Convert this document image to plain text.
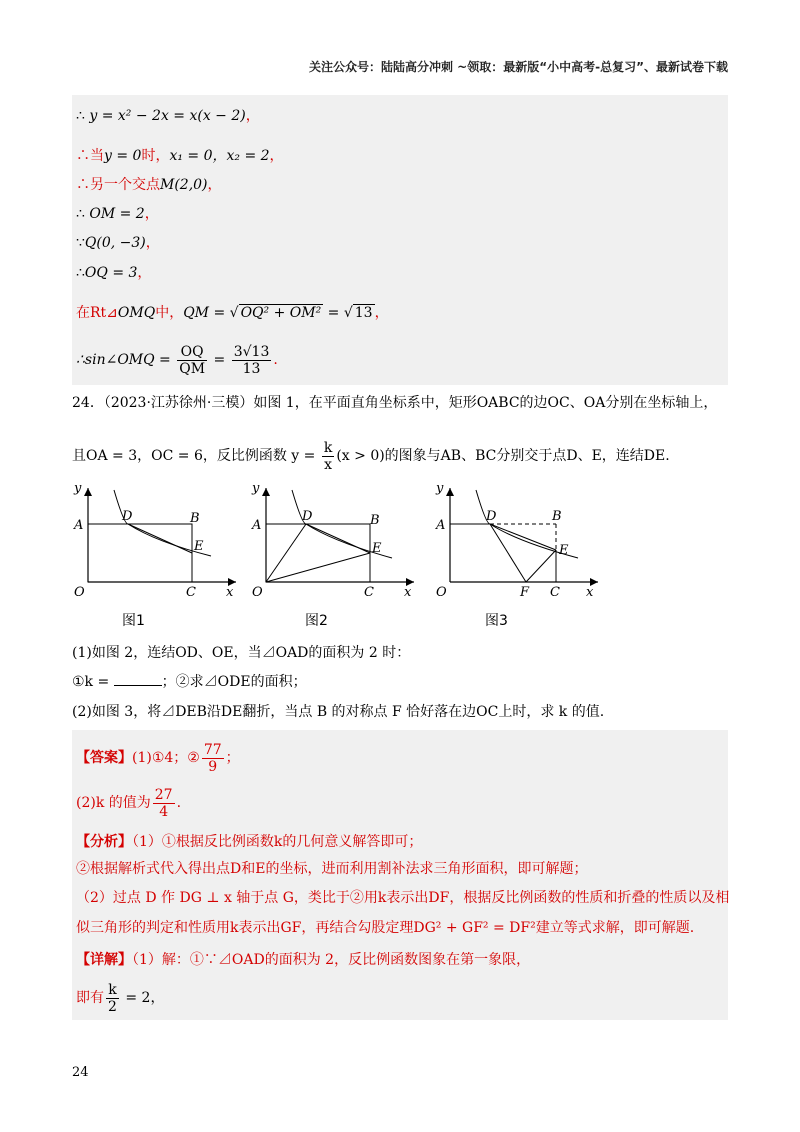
关注公众号：陆陆高分冲刺 ~领取：最新版“小中高考-总复习”、最新试卷下载
∴ y = x² − 2x = x(x − 2)，
∴当y = 0时，x₁ = 0，x₂ = 2，
∴另一个交点M(2,0)，
∴ OM = 2，
∵Q(0, −3)，
∴OQ = 3，
在Rt⊿OMQ中，QM = √ OQ² + OM² = √ 13 ，
∴sin∠OMQ = $\frac{OQ}{QM} = \frac{3√13}{13}$ .
24．（2023·江苏徐州·三模）如图 1，在平面直角坐标系中，矩形OABC的边OC、OA分别在坐标轴上，
且OA = 3，OC = 6，反比例函数 $y = \frac{k}{x} (x > 0)$的图象与AB、BC分别交于点D、E，连结DE.
y
A
O
D	B
E
C x
图1
y
A
O
D	B
E
C x
图2
y
A
O
D	B
E
F C x
图3
(1)如图 2，连结OD、OE，当⊿OAD的面积为 2 时：
①k =	；②求⊿ODE的面积；
(2)如图 3，将⊿DEB沿DE翻折，当点 B 的对称点 F 恰好落在边OC上时，求 k 的值.
【答案】(1)①4；② $\frac{77}{9}$ ；
(2)k 的值为 $\frac{27}{4}$ .
【分析】（1）①根据反比例函数k的几何意义解答即可；
②根据解析式代入得出点D和E的坐标，进而利用割补法求三角形面积，即可解题；
（2）过点 D 作 DG ⊥ x 轴于点 G，类比于②用k表示出DF，根据反比例函数的性质和折叠的性质以及相
似三角形的判定和性质用k表示出GF，再结合勾股定理DG² + GF² = DF²建立等式求解，即可解题.
【详解】（1）解：①∵⊿OAD的面积为 2，反比例函数图象在第一象限，
即有 $\frac{k}{2} = 2$，
24
